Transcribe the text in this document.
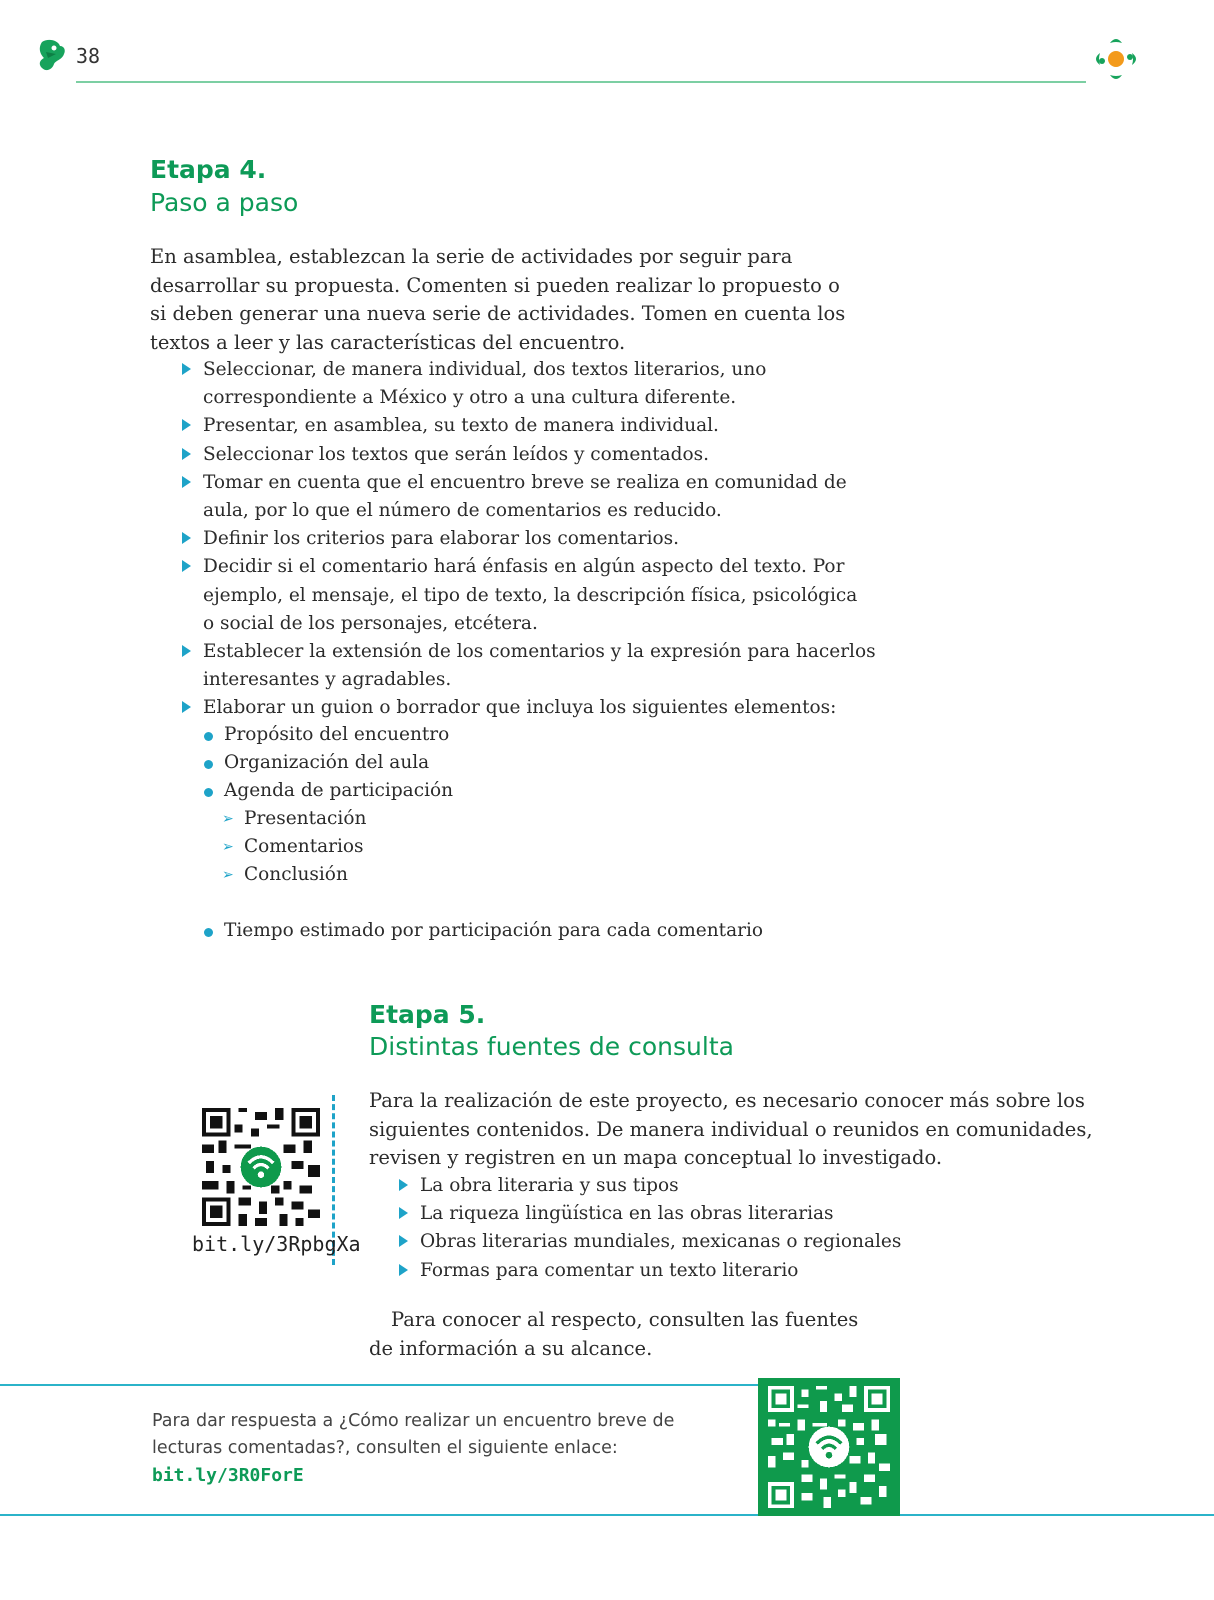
38
Etapa 4.
Paso a paso
En asamblea, establezcan la serie de actividades por seguir para
desarrollar su propuesta. Comenten si pueden realizar lo propuesto o
si deben generar una nueva serie de actividades. Tomen en cuenta los
textos a leer y las características del encuentro.
Seleccionar, de manera individual, dos textos literarios, uno
correspondiente a México y otro a una cultura diferente.
Presentar, en asamblea, su texto de manera individual.
Seleccionar los textos que serán leídos y comentados.
Tomar en cuenta que el encuentro breve se realiza en comunidad de
aula, por lo que el número de comentarios es reducido.
Definir los criterios para elaborar los comentarios.
Decidir si el comentario hará énfasis en algún aspecto del texto. Por
ejemplo, el mensaje, el tipo de texto, la descripción física, psicológica
o social de los personajes, etcétera.
Establecer la extensión de los comentarios y la expresión para hacerlos
interesantes y agradables.
Elaborar un guion o borrador que incluya los siguientes elementos:
Propósito del encuentro
Organización del aula
Agenda de participación
➢ Presentación
➢ Comentarios
➢ Conclusión
Tiempo estimado por participación para cada comentario
Etapa 5.
Distintas fuentes de consulta
Para la realización de este proyecto, es necesario conocer más sobre los
siguientes contenidos. De manera individual o reunidos en comunidades,
revisen y registren en un mapa conceptual lo investigado.
La obra literaria y sus tipos
La riqueza lingüística en las obras literarias
Obras literarias mundiales, mexicanas o regionales
Formas para comentar un texto literario
Para conocer al respecto, consulten las fuentes
de información a su alcance.
bit.ly/3RpbgXa
Para dar respuesta a ¿Cómo realizar un encuentro breve de
lecturas comentadas?, consulten el siguiente enlace:
bit.ly/3R0ForE
